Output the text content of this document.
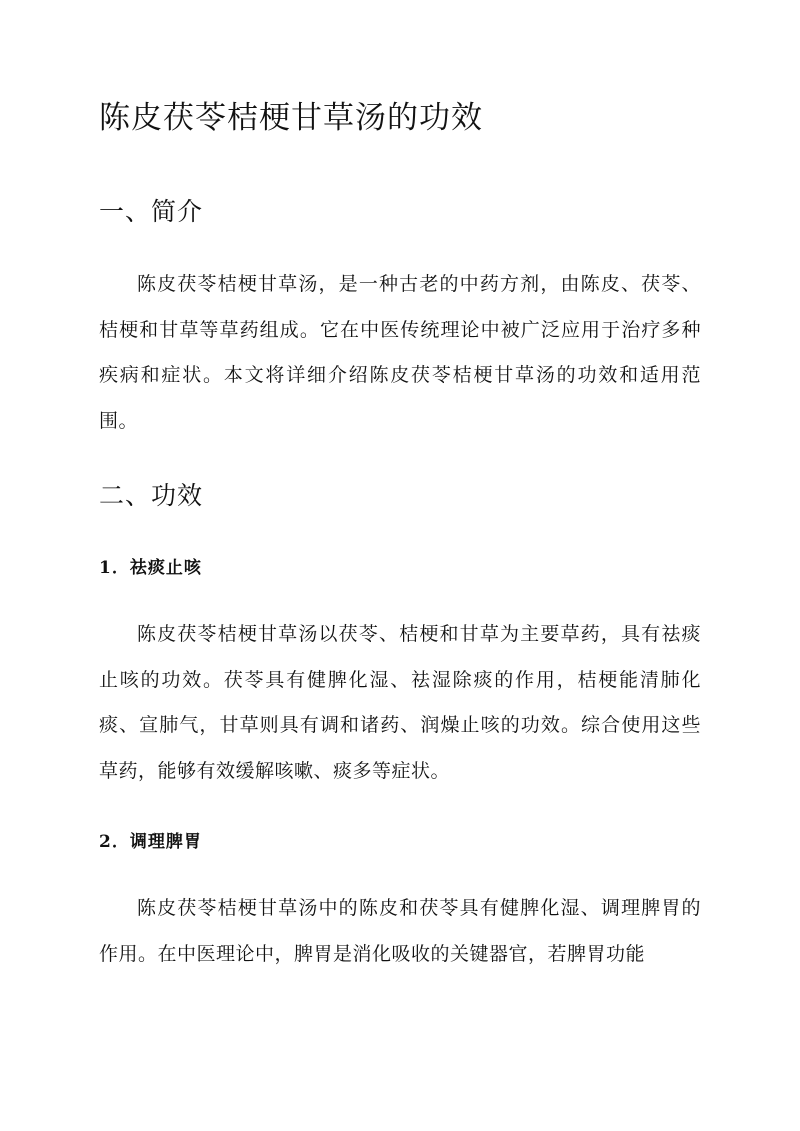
陈皮茯苓桔梗甘草汤的功效
一、简介

陈皮茯苓桔梗甘草汤，是一种古老的中药方剂，由陈皮、茯苓、桔梗和甘草等草药组成。它在中医传统理论中被广泛应用于治疗多种疾病和症状。本文将详细介绍陈皮茯苓桔梗甘草汤的功效和适用范围。

二、功效
1．祛痰止咳

陈皮茯苓桔梗甘草汤以茯苓、桔梗和甘草为主要草药，具有祛痰止咳的功效。茯苓具有健脾化湿、祛湿除痰的作用，桔梗能清肺化痰、宣肺气，甘草则具有调和诸药、润燥止咳的功效。综合使用这些草药，能够有效缓解咳嗽、痰多等症状。

2．调理脾胃

陈皮茯苓桔梗甘草汤中的陈皮和茯苓具有健脾化湿、调理脾胃的作用。在中医理论中，脾胃是消化吸收的关键器官，若脾胃功能
